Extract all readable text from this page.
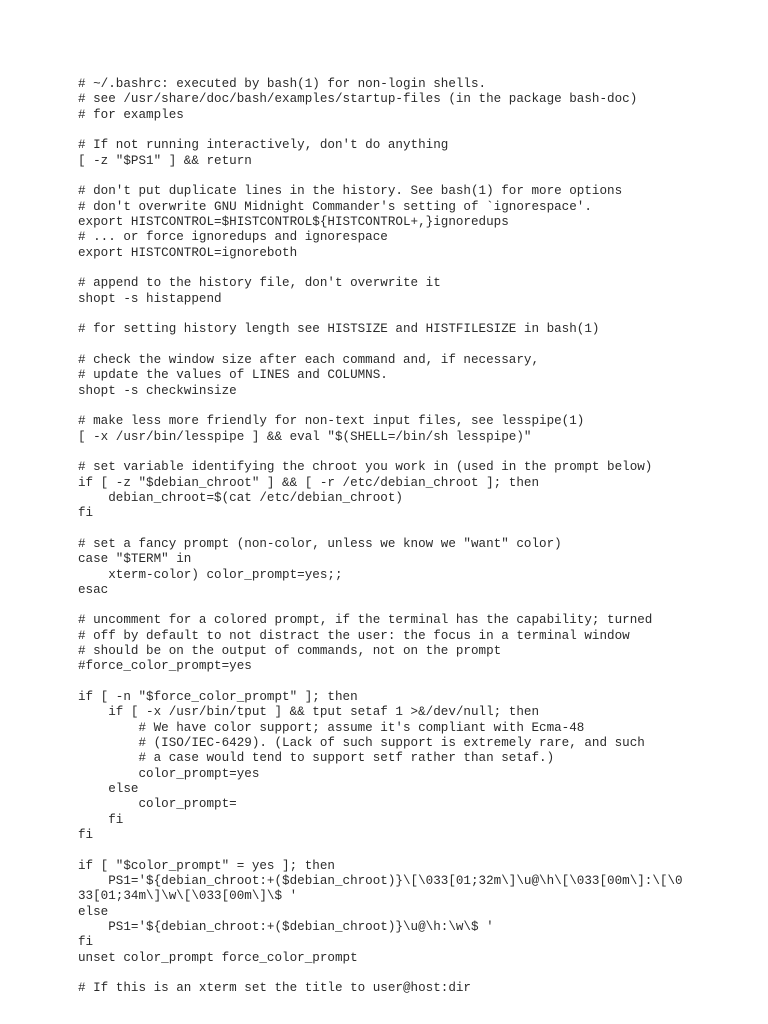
# ~/.bashrc: executed by bash(1) for non-login shells.
# see /usr/share/doc/bash/examples/startup-files (in the package bash-doc)
# for examples
# If not running interactively, don't do anything
[ -z "$PS1" ] && return
# don't put duplicate lines in the history. See bash(1) for more options
# don't overwrite GNU Midnight Commander's setting of `ignorespace'.
export HISTCONTROL=$HISTCONTROL${HISTCONTROL+,}ignoredups
# ... or force ignoredups and ignorespace
export HISTCONTROL=ignoreboth
# append to the history file, don't overwrite it
shopt -s histappend
# for setting history length see HISTSIZE and HISTFILESIZE in bash(1)
# check the window size after each command and, if necessary,
# update the values of LINES and COLUMNS.
shopt -s checkwinsize
# make less more friendly for non-text input files, see lesspipe(1)
[ -x /usr/bin/lesspipe ] && eval "$(SHELL=/bin/sh lesspipe)"
# set variable identifying the chroot you work in (used in the prompt below)
if [ -z "$debian_chroot" ] && [ -r /etc/debian_chroot ]; then
debian_chroot=$(cat /etc/debian_chroot)
fi
# set a fancy prompt (non-color, unless we know we "want" color)
case "$TERM" in
xterm-color) color_prompt=yes;;
esac
# uncomment for a colored prompt, if the terminal has the capability; turned
# off by default to not distract the user: the focus in a terminal window
# should be on the output of commands, not on the prompt
#force_color_prompt=yes
if [ -n "$force_color_prompt" ]; then
if [ -x /usr/bin/tput ] && tput setaf 1 >&/dev/null; then
# We have color support; assume it's compliant with Ecma-48
# (ISO/IEC-6429). (Lack of such support is extremely rare, and such
# a case would tend to support setf rather than setaf.)
color_prompt=yes
else
color_prompt=
fi
fi
if [ "$color_prompt" = yes ]; then
PS1='${debian_chroot:+($debian_chroot)}\[\033[01;32m\]\u@\h\[\033[00m\]:\[\0
33[01;34m\]\w\[\033[00m\]\$ '
else
PS1='${debian_chroot:+($debian_chroot)}\u@\h:\w\$ '
fi
unset color_prompt force_color_prompt
# If this is an xterm set the title to user@host:dir
